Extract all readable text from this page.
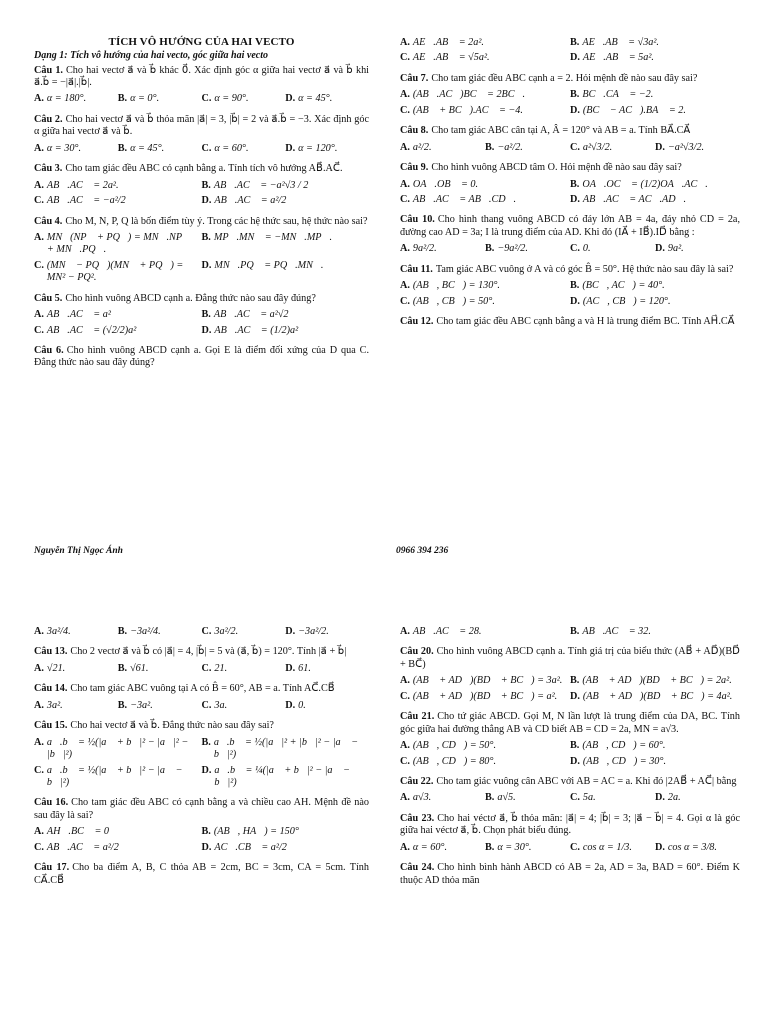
TÍCH VÔ HƯỚNG CỦA HAI VECTO
Dạng 1: Tích vô hướng của hai vecto, góc giữa hai vecto
Câu 1. Cho hai vectơ a⃗ và b⃗ khác 0⃗. Xác định góc α giữa hai vectơ a⃗ và b⃗ khi a⃗.b⃗ = −|a⃗|.|b⃗|.
A. α = 180°.	B. α = 0°.	C. α = 90°.	D. α = 45°.
Câu 2. Cho hai vectơ a⃗ và b⃗ thỏa mãn |a⃗| = 3, |b⃗| = 2 và a⃗.b⃗ = −3. Xác định góc α giữa hai vectơ a⃗ và b⃗.
A. α = 30°.	B. α = 45°.	C. α = 60°.	D. α = 120°.
Câu 3. Cho tam giác đều ABC có cạnh bằng a. Tính tích vô hướng AB⃗.AC⃗.
A. AB⃗.AC⃗ = 2a².	B. AB⃗.AC⃗ = −a²√3 / 2
C. AB⃗.AC⃗ = −a²/2	D. AB⃗.AC⃗ = a²/2
Câu 4. Cho M, N, P, Q là bốn điểm tùy ý. Trong các hệ thức sau, hệ thức nào sai?
A. MN⃗(NP⃗ + PQ⃗) = MN⃗.NP⃗ + MN⃗.PQ⃗.
B. MP⃗.MN⃗ = −MN⃗.MP⃗.
C. (MN⃗ − PQ⃗)(MN⃗ + PQ⃗) = MN² − PQ².
D. MN⃗.PQ⃗ = PQ⃗.MN⃗.
Câu 5. Cho hình vuông ABCD cạnh a. Đẳng thức nào sau đây đúng?
A. AB⃗.AC⃗ = a²	B. AB⃗.AC⃗ = a²√2
C. AB⃗.AC⃗ = (√2/2)a²	D. AB⃗.AC⃗ = (1/2)a²
Câu 6. Cho hình vuông ABCD cạnh a. Gọi E là điểm đối xứng của D qua C. Đẳng thức nào sau đây đúng?
A. AE⃗.AB⃗ = 2a².	B. AE⃗.AB⃗ = √3a².
C. AE⃗.AB⃗ = √5a².	D. AE⃗.AB⃗ = 5a².
Câu 7. Cho tam giác đều ABC cạnh a = 2. Hỏi mệnh đề nào sau đây sai?
A. (AB⃗.AC⃗)BC⃗ = 2BC⃗.	B. BC⃗.CA⃗ = −2.
C. (AB⃗ + BC⃗).AC⃗ = −4.	D. (BC⃗ − AC⃗).BA⃗ = 2.
Câu 8. Cho tam giác ABC cân tại A, Â = 120° và AB = a. Tính BA⃗.CA⃗
A. a²/2.	B. −a²/2.	C. a²√3/2.	D. −a²√3/2.
Câu 9. Cho hình vuông ABCD tâm O. Hỏi mệnh đề nào sau đây sai?
A. OA⃗.OB⃗ = 0.	B. OA⃗.OC⃗ = (1/2)OA⃗.AC⃗.
C. AB⃗.AC⃗ = AB⃗.CD⃗.	D. AB⃗.AC⃗ = AC⃗.AD⃗.
Câu 10. Cho hình thang vuông ABCD có đáy lớn AB = 4a, đáy nhỏ CD = 2a, đường cao AD = 3a; I là trung điểm của AD. Khi đó (IA⃗ + IB⃗).ID⃗ bằng :
A. 9a²/2.	B. −9a²/2.	C. 0.	D. 9a².
Câu 11. Tam giác ABC vuông ở A và có góc B̂ = 50°. Hệ thức nào sau đây là sai?
A. (AB⃗, BC⃗) = 130°.	B. (BC⃗, AC⃗) = 40°.
C. (AB⃗, CB⃗) = 50°.	D. (AC⃗, CB⃗) = 120°.
Câu 12. Cho tam giác đều ABC cạnh bằng a và H là trung điểm BC. Tính AH⃗.CA⃗
Nguyễn Thị Ngọc Ánh	0966 394 236
A. 3a²/4.	B. −3a²/4.	C. 3a²/2.	D. −3a²/2.
Câu 13. Cho 2 vectơ a⃗ và b⃗ có |a⃗| = 4, |b⃗| = 5 và (a⃗, b⃗) = 120°. Tính |a⃗ + b⃗|
A. √21.	B. √61.	C. 21.	D. 61.
Câu 14. Cho tam giác ABC vuông tại A có B̂ = 60°, AB = a. Tính AC⃗.CB⃗
A. 3a².	B. −3a².	C. 3a.	D. 0.
Câu 15. Cho hai vectơ a⃗ và b⃗. Đẳng thức nào sau đây sai?
A. a⃗.b⃗ = ½(|a⃗ + b⃗|² − |a⃗|² − |b⃗|²)
B. a⃗.b⃗ = ½(|a⃗|² + |b⃗|² − |a⃗ − b⃗|²)
C. a⃗.b⃗ = ½(|a⃗ + b⃗|² − |a⃗ − b⃗|²)
D. a⃗.b⃗ = ¼(|a⃗ + b⃗|² − |a⃗ − b⃗|²)
Câu 16. Cho tam giác đều ABC có cạnh bằng a và chiều cao AH. Mệnh đề nào sau đây là sai?
A. AH⃗.BC⃗ = 0	B. (AB⃗, HA⃗) = 150°
C. AB⃗.AC⃗ = a²/2	D. AC⃗.CB⃗ = a²/2
Câu 17. Cho ba điểm A, B, C thỏa AB = 2cm, BC = 3cm, CA = 5cm. Tính CA⃗.CB⃗
A. AB⃗.AC⃗ = 28.	B. AB⃗.AC⃗ = 32.
Câu 20. Cho hình vuông ABCD cạnh a. Tính giá trị của biểu thức (AB⃗ + AD⃗)(BD⃗ + BC⃗)
A. (AB⃗ + AD⃗)(BD⃗ + BC⃗) = 3a². B. (AB⃗ + AD⃗)(BD⃗ + BC⃗) = 2a².
C. (AB⃗ + AD⃗)(BD⃗ + BC⃗) = a². D. (AB⃗ + AD⃗)(BD⃗ + BC⃗) = 4a².
Câu 21. Cho tứ giác ABCD. Gọi M, N lần lượt là trung điểm của DA, BC. Tính góc giữa hai đường thẳng AB và CD biết AB = CD = 2a, MN = a√3.
A. (AB⃗, CD⃗) = 50°.	B. (AB⃗, CD⃗) = 60°.
C. (AB⃗, CD⃗) = 80°.	D. (AB⃗, CD⃗) = 30°.
Câu 22. Cho tam giác vuông cân ABC với AB = AC = a. Khi đó |2AB⃗ + AC⃗| bằng
A. a√3.	B. a√5.	C. 5a.	D. 2a.
Câu 23. Cho hai véctơ a⃗, b⃗ thỏa mãn: |a⃗| = 4; |b⃗| = 3; |a⃗ − b⃗| = 4. Gọi α là góc giữa hai véctơ a⃗, b⃗. Chọn phát biểu đúng.
A. α = 60°.	B. α = 30°.	C. cos α = 1/3. D. cos α = 3/8.
Câu 24. Cho hình bình hành ABCD có AB = 2a, AD = 3a, BAD = 60°. Điểm K thuộc AD thỏa mãn
